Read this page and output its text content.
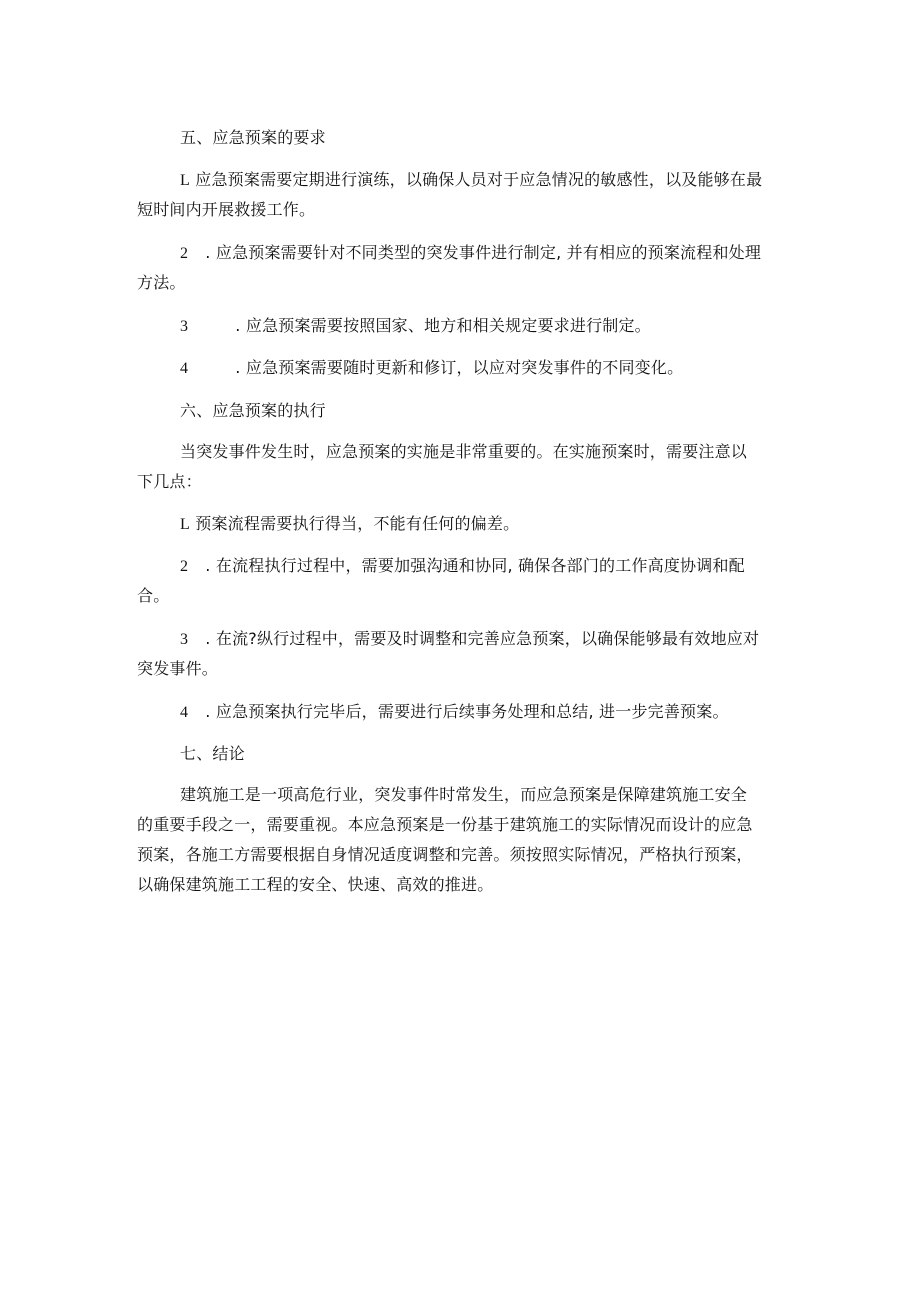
五、应急预案的要求
L 应急预案需要定期进行演练，以确保人员对于应急情况的敏感性，以及能够在最
短时间内开展救援工作。
2 . 应急预案需要针对不同类型的突发事件进行制定, 并有相应的预案流程和处理
方法。
3	. 应急预案需要按照国家、地方和相关规定要求进行制定。
4	. 应急预案需要随时更新和修订，以应对突发事件的不同变化。
六、应急预案的执行
当突发事件发生时，应急预案的实施是非常重要的。在实施预案时，需要注意以
下几点：
L 预案流程需要执行得当，不能有任何的偏差。
2 . 在流程执行过程中，需要加强沟通和协同, 确保各部门的工作高度协调和配
合。
3 . 在流?纵行过程中，需要及时调整和完善应急预案，以确保能够最有效地应对
突发事件。
4 . 应急预案执行完毕后，需要进行后续事务处理和总结, 进一步完善预案。
七、结论
建筑施工是一项高危行业，突发事件时常发生，而应急预案是保障建筑施工安全
的重要手段之一，需要重视。本应急预案是一份基于建筑施工的实际情况而设计的应急
预案，各施工方需要根据自身情况适度调整和完善。须按照实际情况，严格执行预案，
以确保建筑施工工程的安全、快速、高效的推进。
